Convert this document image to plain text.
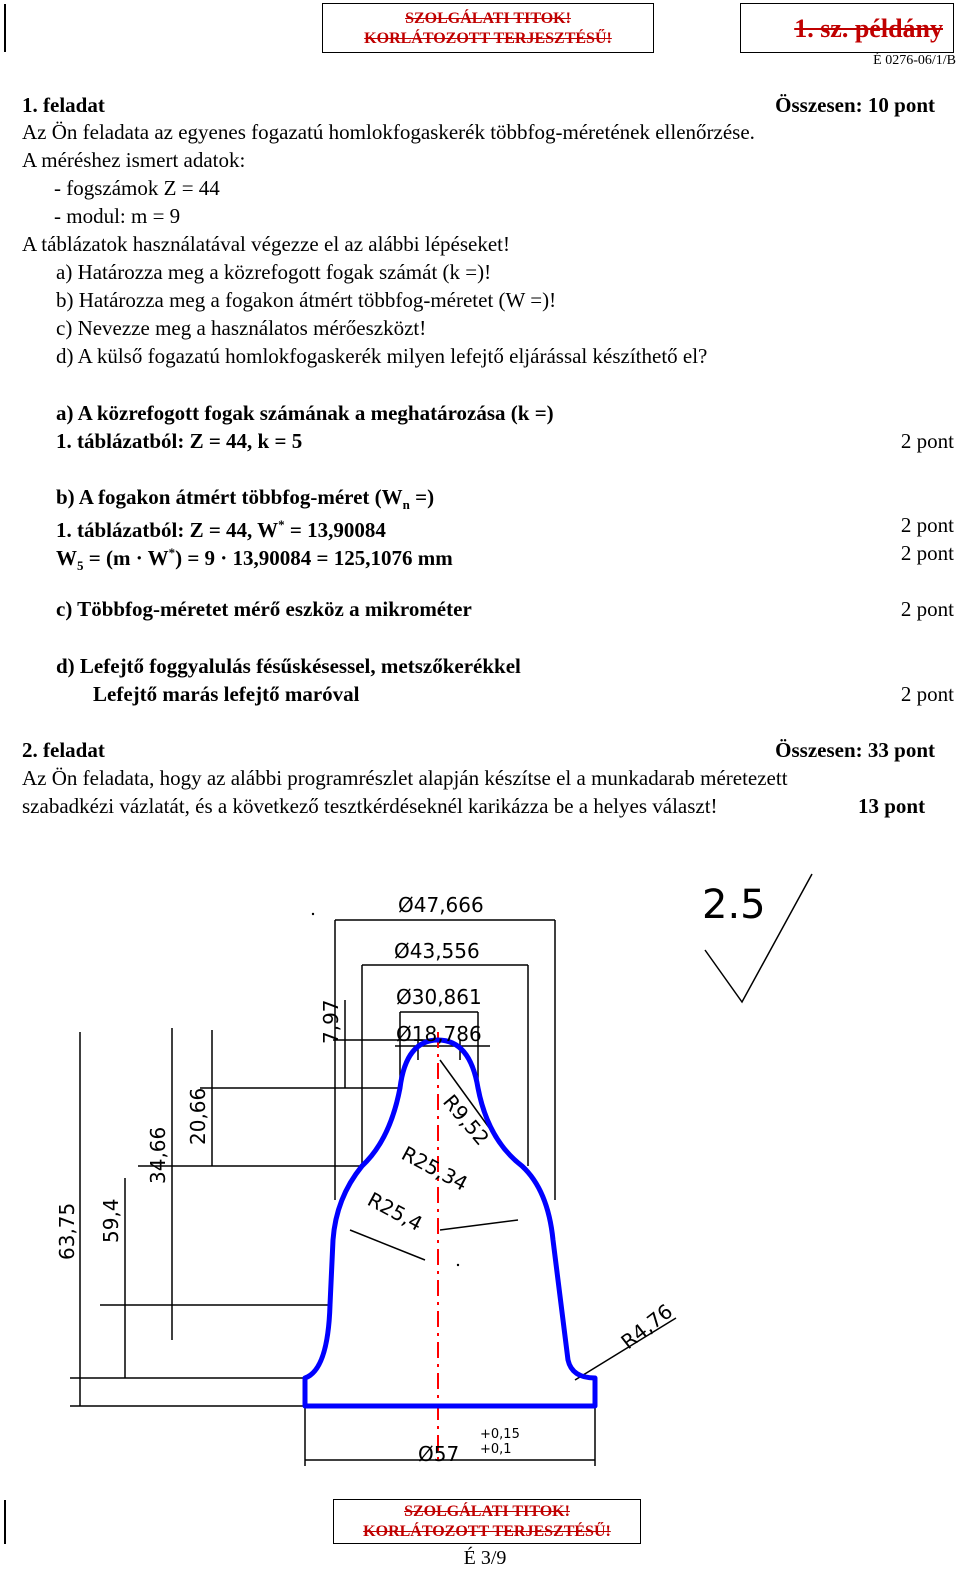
SZOLGÁLATI TITOK!
KORLÁTOZOTT TERJESZTÉSŰ!	1. sz. példány
É 0276-06/1/B
1. feladat	Összesen: 10 pont
Az Ön feladata az egyenes fogazatú homlokfogaskerék többfog-méretének ellenőrzése.
A méréshez ismert adatok:
- fogszámok Z = 44
- modul: m = 9
A táblázatok használatával végezze el az alábbi lépéseket!
a) Határozza meg a közrefogott fogak számát (k =)!
b) Határozza meg a fogakon átmért többfog-méretet (W =)!
c) Nevezze meg a használatos mérőeszközt!
d) A külső fogazatú homlokfogaskerék milyen lefejtő eljárással készíthető el?
a) A közrefogott fogak számának a meghatározása (k =)
1. táblázatból: Z = 44, k = 5	2 pont
b) A fogakon átmért többfog-méret ($W_n$ =)
1. táblázatból: Z = 44, W* = 13,90084	2 pont
$W_5 = (m \cdot W^*) = 9 \cdot 13,90084 = 125,1076$ mm	2 pont
c) Többfog-méretet mérő eszköz a mikrométer	2 pont
d) Lefejtő foggyalulás fésűskésessel, metszőkerékkel
Lefejtő marás lefejtő maróval	2 pont
2. feladat	Összesen: 33 pont
Az Ön feladata, hogy az alábbi programrészlet alapján készítse el a munkadarab méretezett
szabadkézi vázlatát, és a következő tesztkérdéseknél karikázza be a helyes választ!	13 pont
Ø47,666
Ø43,556
Ø30,861
Ø18,786
Ø57
+0,15
+0,1
7,97
20,66
34,66
59,4
63,75
R9,52
R25,34
R25,4
R4,76
2.5
SZOLGÁLATI TITOK!
KORLÁTOZOTT TERJESZTÉSŰ!
É 3/9
